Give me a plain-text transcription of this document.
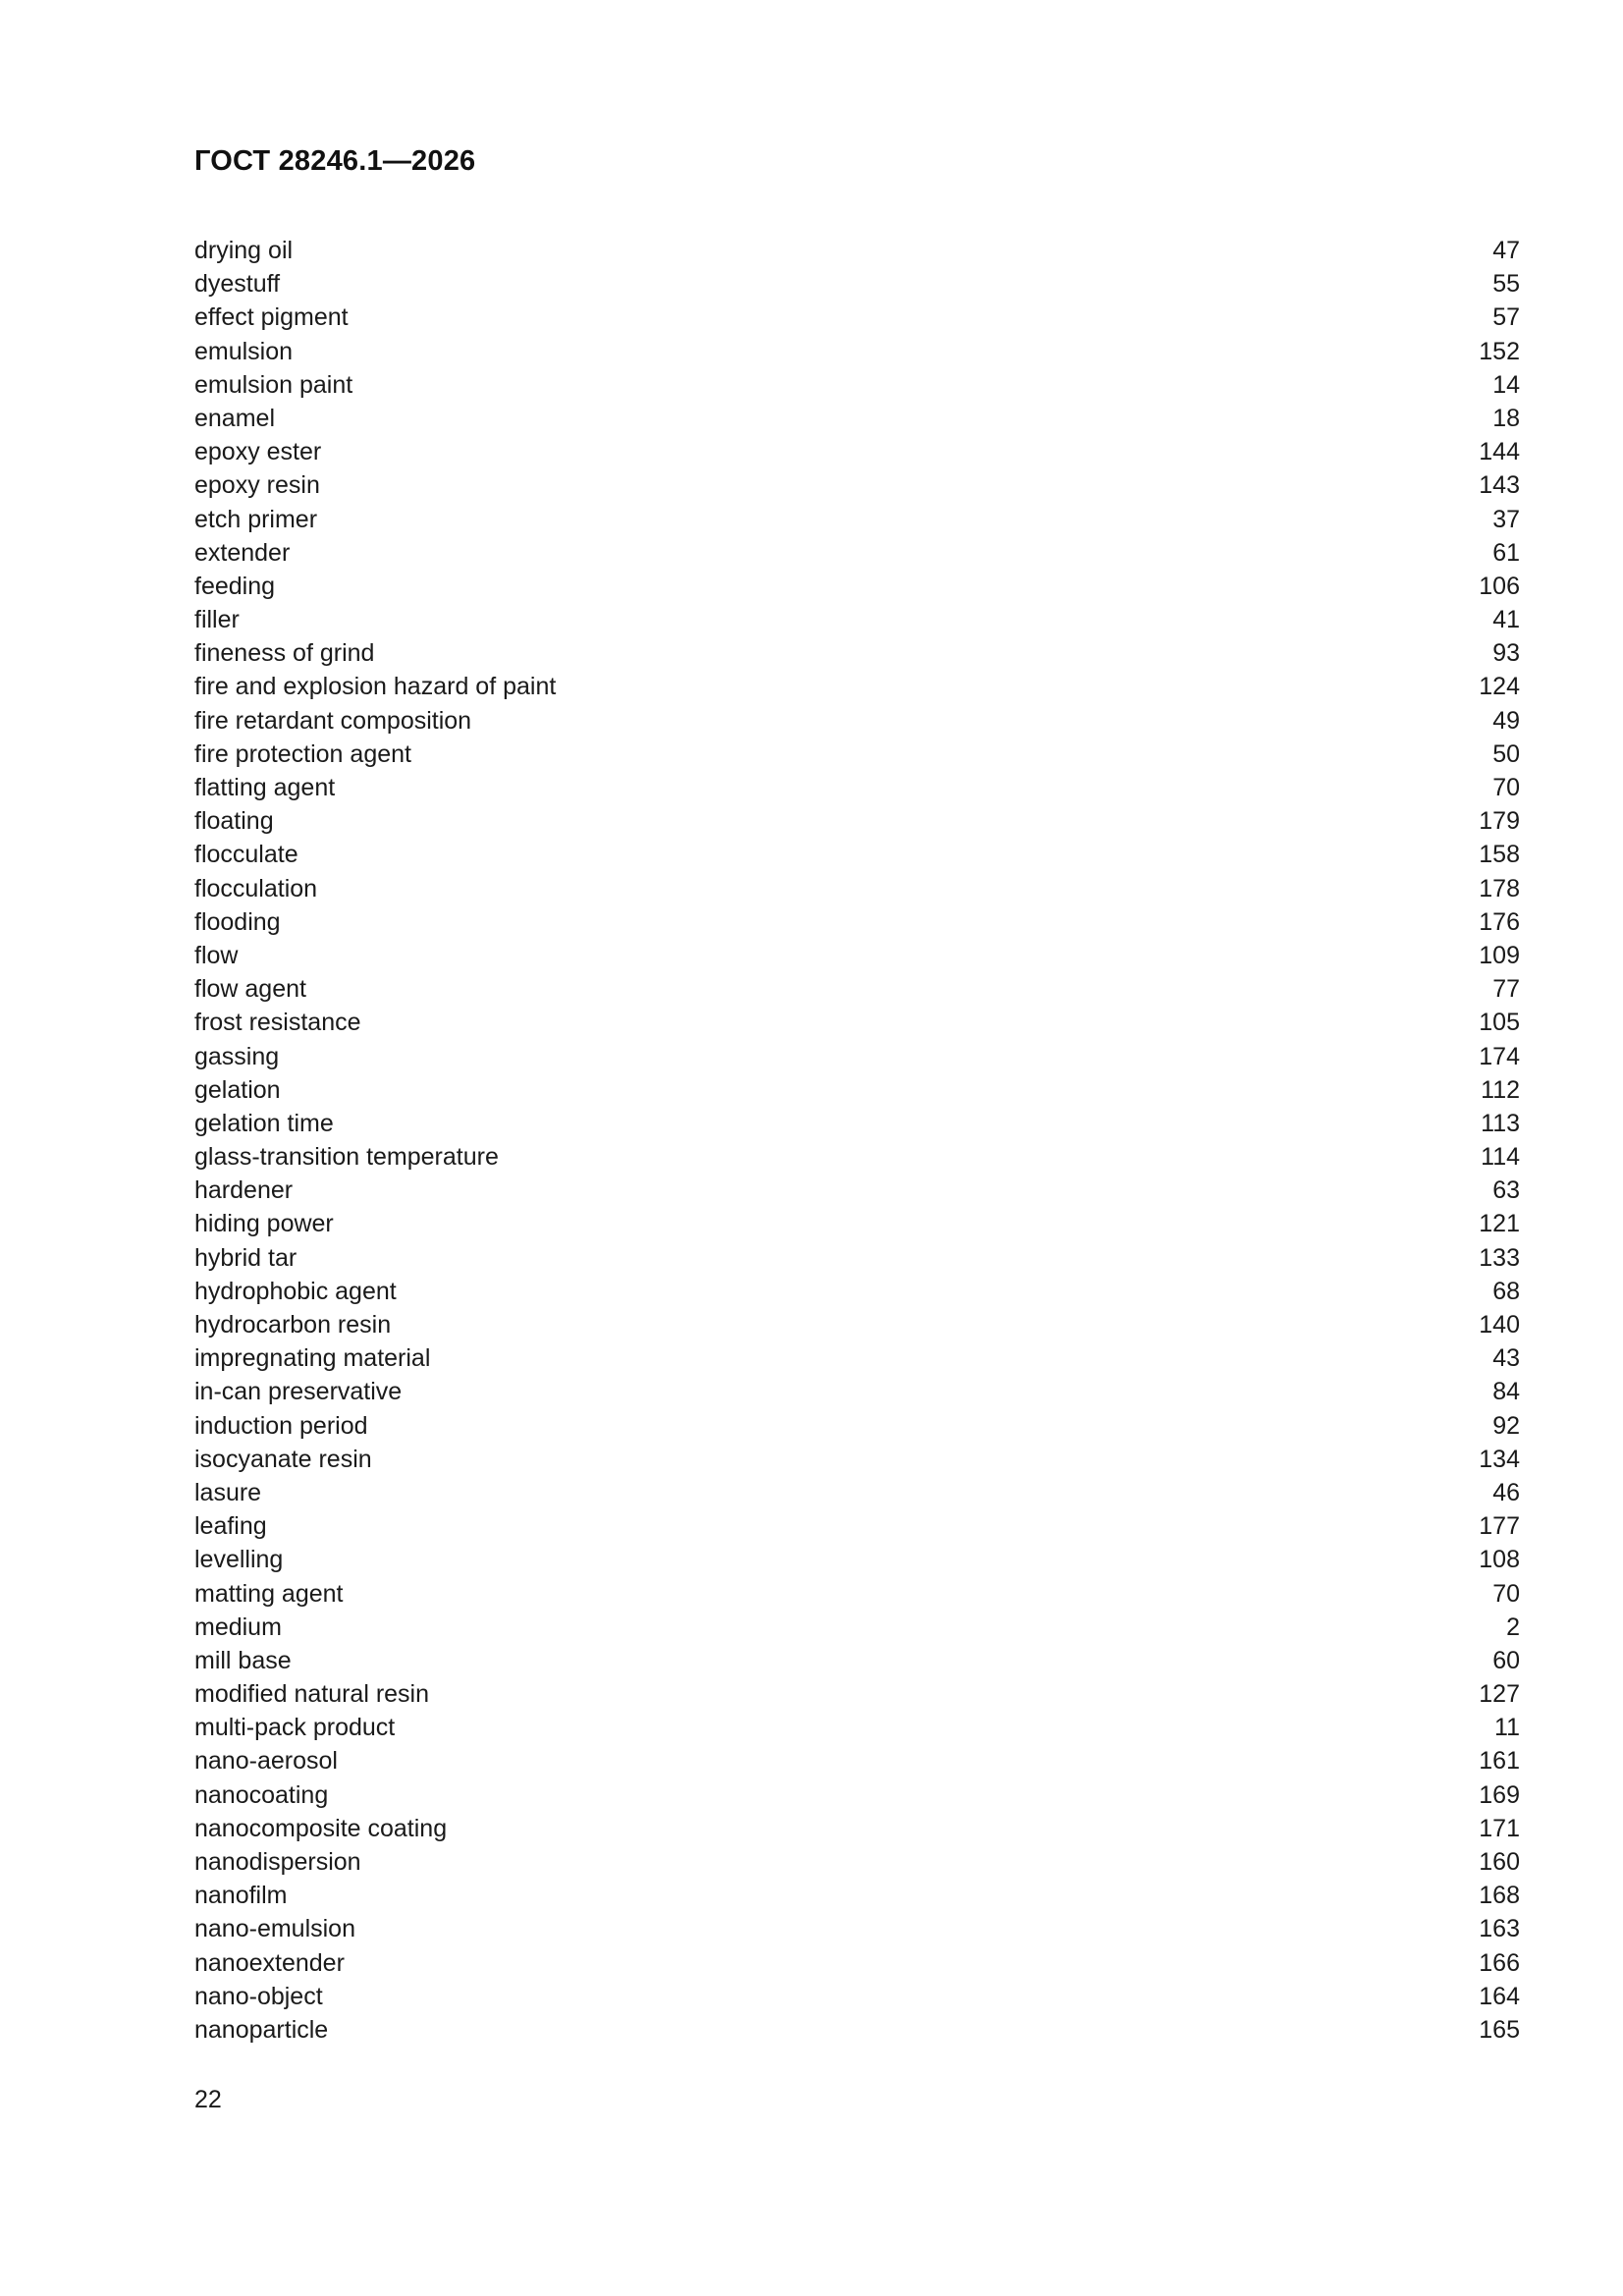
ГОСТ 28246.1—2026
drying oil	47
dyestuff	55
effect pigment	57
emulsion	152
emulsion paint	14
enamel	18
epoxy ester	144
epoxy resin	143
etch primer	37
extender	61
feeding	106
filler	41
fineness of grind	93
fire and explosion hazard of paint	124
fire retardant composition	49
fire protection agent	50
flatting agent	70
floating	179
flocculate	158
flocculation	178
flooding	176
flow	109
flow agent	77
frost resistance	105
gassing	174
gelation	112
gelation time	113
glass-transition temperature	114
hardener	63
hiding power	121
hybrid tar	133
hydrophobic agent	68
hydrocarbon resin	140
impregnating material	43
in-can preservative	84
induction period	92
isocyanate resin	134
lasure	46
leafing	177
levelling	108
matting agent	70
medium	2
mill base	60
modified natural resin	127
multi-pack product	11
nano-aerosol	161
nanocoating	169
nanocomposite coating	171
nanodispersion	160
nanofilm	168
nano-emulsion	163
nanoextender	166
nano-object	164
nanoparticle	165
22
